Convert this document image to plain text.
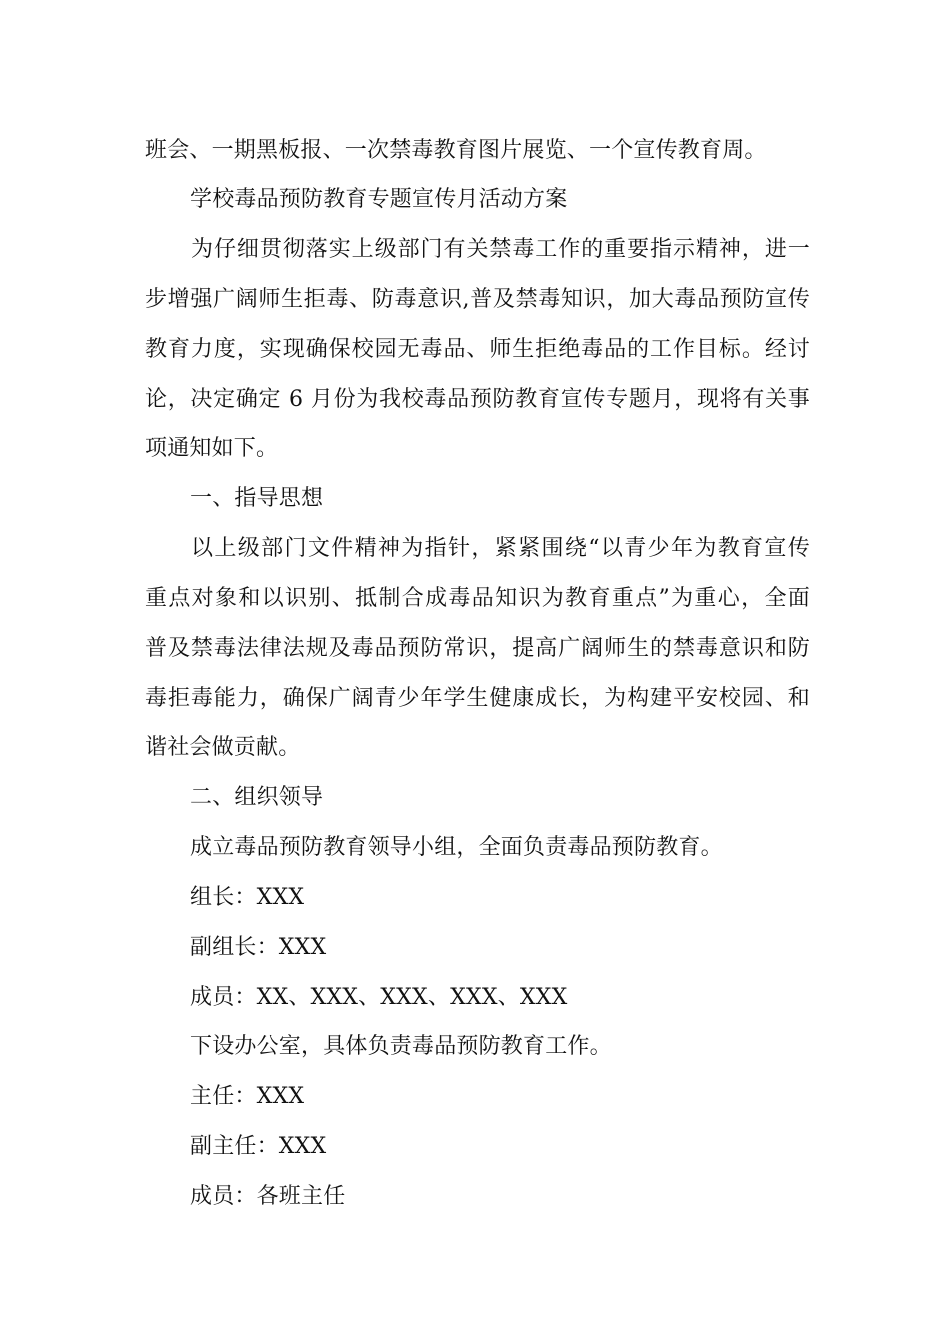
班会、一期黑板报、一次禁毒教育图片展览、一个宣传教育周。
学校毒品预防教育专题宣传月活动方案
为仔细贯彻落实上级部门有关禁毒工作的重要指示精神，进一
步增强广阔师生拒毒、防毒意识,普及禁毒知识，加大毒品预防宣传
教育力度，实现确保校园无毒品、师生拒绝毒品的工作目标。经讨
论，决定确定 6 月份为我校毒品预防教育宣传专题月，现将有关事
项通知如下。
一、指导思想
以上级部门文件精神为指针，紧紧围绕“以青少年为教育宣传
重点对象和以识别、抵制合成毒品知识为教育重点”为重心，全面
普及禁毒法律法规及毒品预防常识，提高广阔师生的禁毒意识和防
毒拒毒能力，确保广阔青少年学生健康成长，为构建平安校园、和
谐社会做贡献。
二、组织领导
成立毒品预防教育领导小组，全面负责毒品预防教育。
组长：XXX
副组长：XXX
成员：XX、XXX、XXX、XXX、XXX
下设办公室，具体负责毒品预防教育工作。
主任：XXX
副主任：XXX
成员：各班主任
